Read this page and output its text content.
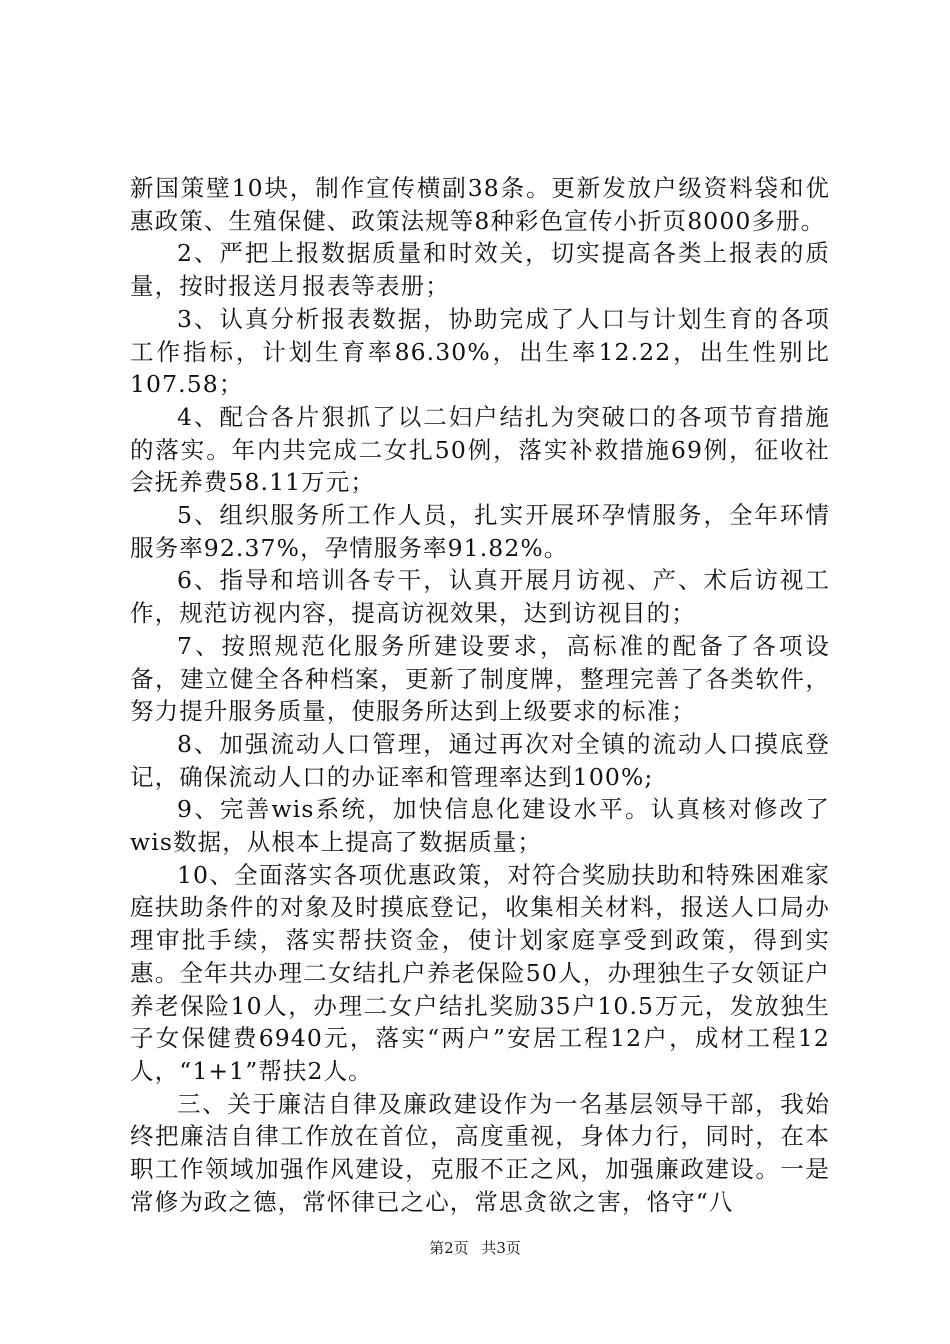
新国策壁10块，制作宣传横副38条。更新发放户级资料袋和优惠政策、生殖保健、政策法规等8种彩色宣传小折页8000多册。

2、严把上报数据质量和时效关，切实提高各类上报表的质量，按时报送月报表等表册；

3、认真分析报表数据，协助完成了人口与计划生育的各项工作指标，计划生育率86.30%，出生率12.22，出生性别比107.58；

4、配合各片狠抓了以二妇户结扎为突破口的各项节育措施的落实。年内共完成二女扎50例，落实补救措施69例，征收社会抚养费58.11万元；

5、组织服务所工作人员，扎实开展环孕情服务，全年环情服务率92.37%，孕情服务率91.82%。

6、指导和培训各专干，认真开展月访视、产、术后访视工作，规范访视内容，提高访视效果，达到访视目的；

7、按照规范化服务所建设要求，高标准的配备了各项设备，建立健全各种档案，更新了制度牌，整理完善了各类软件，努力提升服务质量，使服务所达到上级要求的标准；

8、加强流动人口管理，通过再次对全镇的流动人口摸底登记，确保流动人口的办证率和管理率达到100%;

9、完善wis系统，加快信息化建设水平。认真核对修改了wis数据，从根本上提高了数据质量；

10、全面落实各项优惠政策，对符合奖励扶助和特殊困难家庭扶助条件的对象及时摸底登记，收集相关材料，报送人口局办理审批手续，落实帮扶资金，使计划家庭享受到政策，得到实惠。全年共办理二女结扎户养老保险50人，办理独生子女领证户养老保险10人，办理二女户结扎奖励35户10.5万元，发放独生子女保健费6940元，落实“两户”安居工程12户，成材工程12人，“1+1”帮扶2人。

三、关于廉洁自律及廉政建设作为一名基层领导干部，我始终把廉洁自律工作放在首位，高度重视，身体力行，同时，在本职工作领域加强作风建设，克服不正之风，加强廉政建设。一是常修为政之德，常怀律已之心，常思贪欲之害，恪守“八

第2页 共3页
